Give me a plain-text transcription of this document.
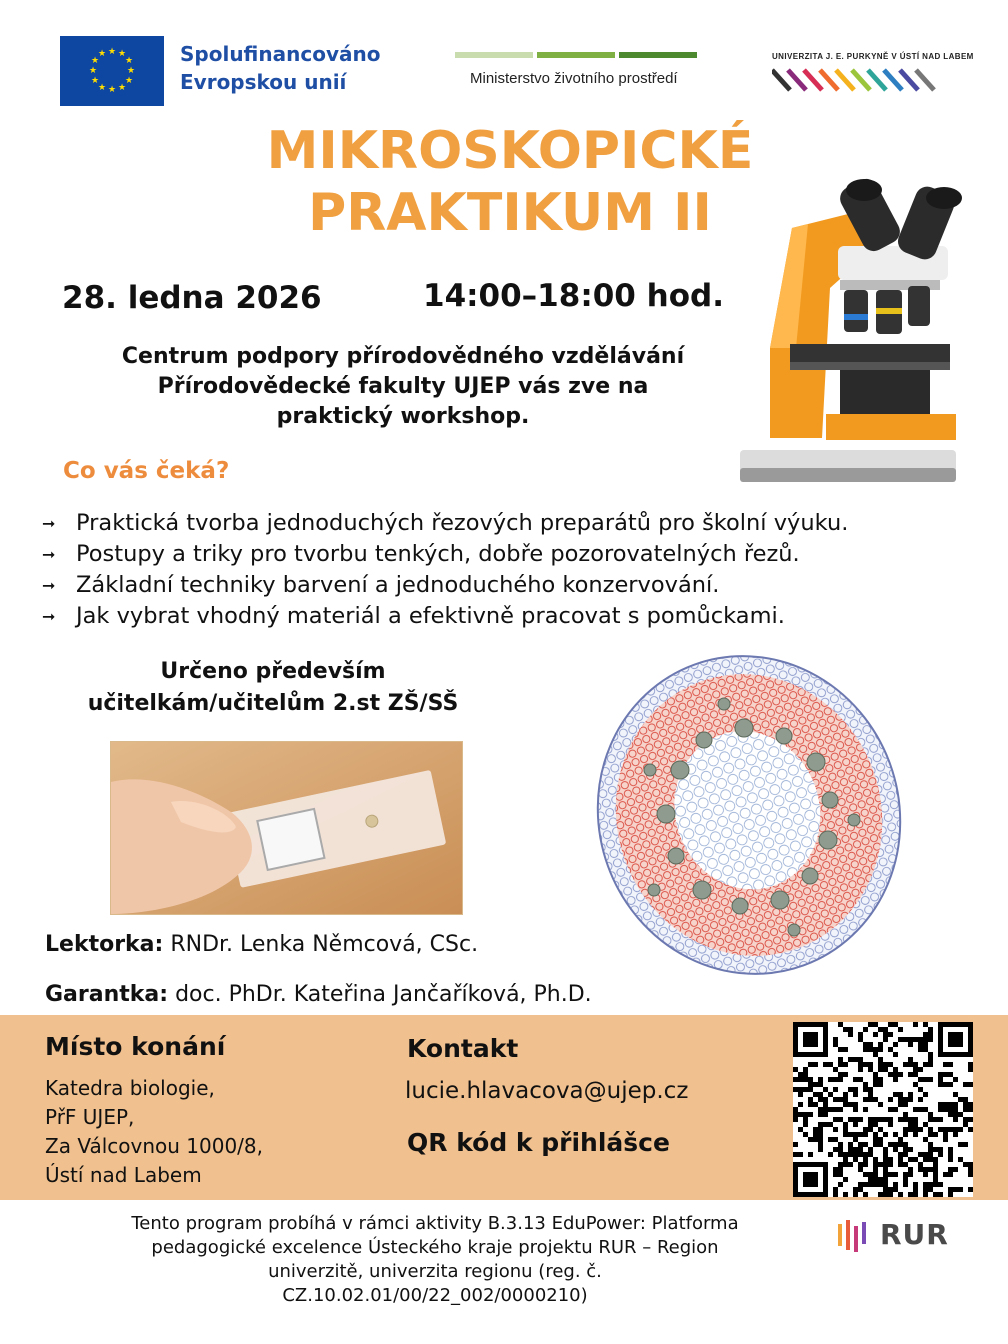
★ ★
★
★
★
★
★
★
★
★
★
★	Spolufinancováno
Evropskou unií	Ministerstvo životního prostředí
UNIVERZITA J. E. PURKYNĚ V ÚSTÍ NAD LABEM
MIKROSKOPICKÉ
PRAKTIKUM II
28. ledna 2026	14:00–18:00 hod.
Centrum podpory přírodovědného vzdělávání
Přírodovědecké fakulty UJEP vás zve na
praktický workshop.
Co vás čeká?
➞ Praktická tvorba jednoduchých řezových preparátů pro školní výuku.
➞ Postupy a triky pro tvorbu tenkých, dobře pozorovatelných řezů.
➞ Základní techniky barvení a jednoduchého konzervování.
➞ Jak vybrat vhodný materiál a efektivně pracovat s pomůckami.
Určeno především
učitelkám/učitelům 2.st ZŠ/SŠ
Lektorka: RNDr. Lenka Němcová, CSc.
Garantka: doc. PhDr. Kateřina Jančaříková, Ph.D.
Místo konání
Katedra biologie,
PřF UJEP,
Za Válcovnou 1000/8,
Ústí nad Labem
Kontakt
lucie.hlavacova@ujep.cz
QR kód k přihlášce
Tento program probíhá v rámci aktivity B.3.13 EduPower: Platforma
pedagogické excelence Ústeckého kraje projektu RUR – Region
univerzitě, univerzita regionu (reg. č.
CZ.10.02.01/00/22_002/0000210)
RUR
